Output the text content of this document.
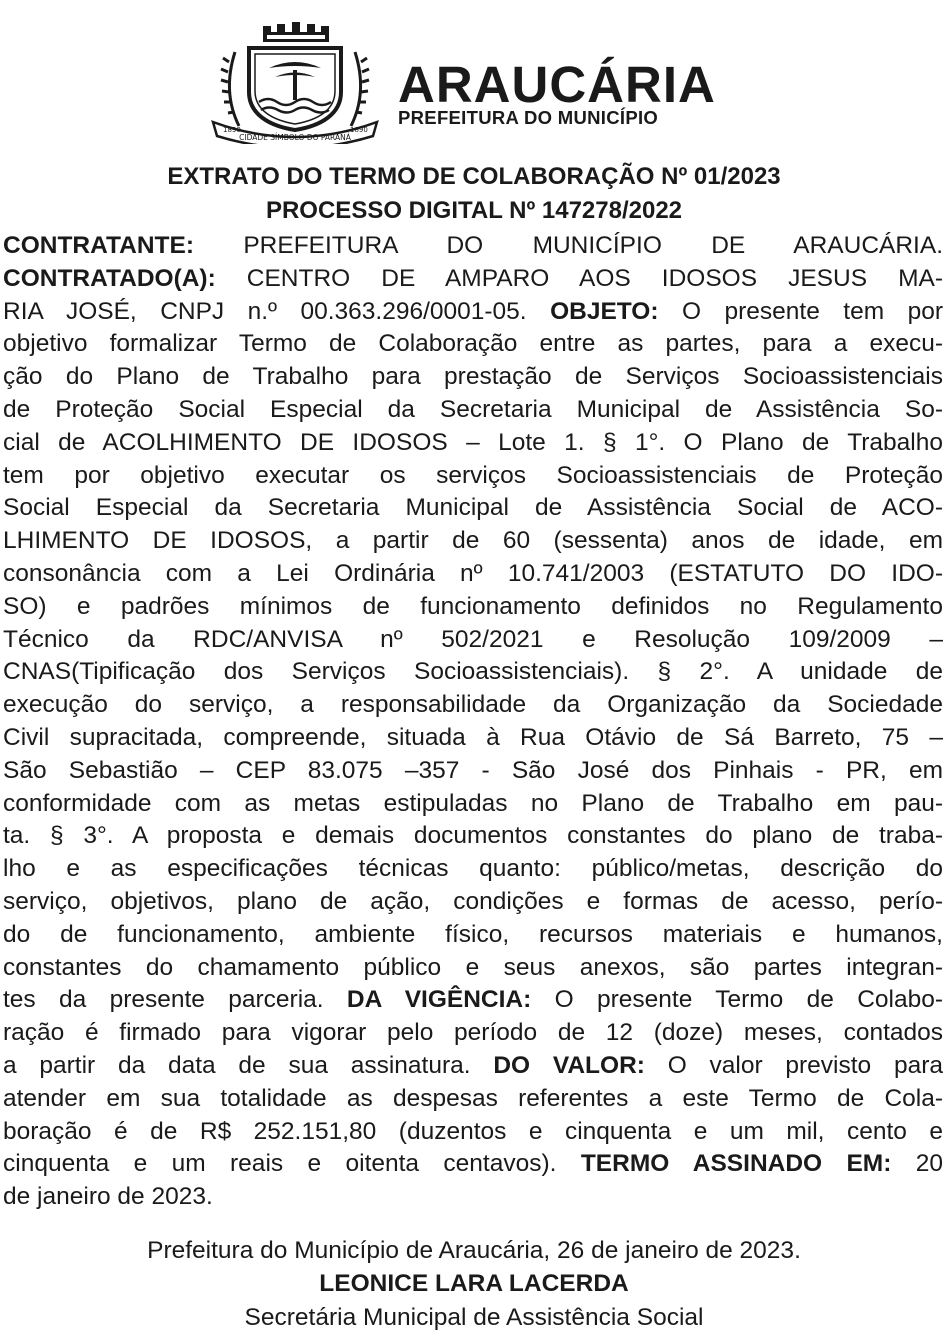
1890
CIDADE SÍMBOLO DO PARANÁ
1890
ARAUCÁRIA
PREFEITURA DO MUNICÍPIO
EXTRATO DO TERMO DE COLABORAÇÃO Nº 01/2023
PROCESSO DIGITAL Nº 147278/2022
CONTRATANTE: PREFEITURA DO MUNICÍPIO DE ARAUCÁRIA.
CONTRATADO(A): CENTRO DE AMPARO AOS IDOSOS JESUS MA-
RIA JOSÉ, CNPJ n.º 00.363.296/0001-05. OBJETO: O presente tem por
objetivo formalizar Termo de Colaboração entre as partes, para a execu-
ção do Plano de Trabalho para prestação de Serviços Socioassistenciais
de Proteção Social Especial da Secretaria Municipal de Assistência So-
cial de ACOLHIMENTO DE IDOSOS – Lote 1. § 1°. O Plano de Trabalho
tem por objetivo executar os serviços Socioassistenciais de Proteção
Social Especial da Secretaria Municipal de Assistência Social de ACO-
LHIMENTO DE IDOSOS, a partir de 60 (sessenta) anos de idade, em
consonância com a Lei Ordinária nº 10.741/2003 (ESTATUTO DO IDO-
SO) e padrões mínimos de funcionamento definidos no Regulamento
Técnico da RDC/ANVISA nº 502/2021 e Resolução 109/2009 –
CNAS(Tipificação dos Serviços Socioassistenciais). § 2°. A unidade de
execução do serviço, a responsabilidade da Organização da Sociedade
Civil supracitada, compreende, situada à Rua Otávio de Sá Barreto, 75 –
São Sebastião – CEP 83.075 –357 - São José dos Pinhais - PR, em
conformidade com as metas estipuladas no Plano de Trabalho em pau-
ta. § 3°. A proposta e demais documentos constantes do plano de traba-
lho e as especificações técnicas quanto: público/metas, descrição do
serviço, objetivos, plano de ação, condições e formas de acesso, perío-
do de funcionamento, ambiente físico, recursos materiais e humanos,
constantes do chamamento público e seus anexos, são partes integran-
tes da presente parceria. DA VIGÊNCIA: O presente Termo de Colabo-
ração é firmado para vigorar pelo período de 12 (doze) meses, contados
a partir da data de sua assinatura. DO VALOR: O valor previsto para
atender em sua totalidade as despesas referentes a este Termo de Cola-
boração é de R$ 252.151,80 (duzentos e cinquenta e um mil, cento e
cinquenta e um reais e oitenta centavos). TERMO ASSINADO EM: 20
de janeiro de 2023.
Prefeitura do Município de Araucária, 26 de janeiro de 2023.
LEONICE LARA LACERDA
Secretária Municipal de Assistência Social
